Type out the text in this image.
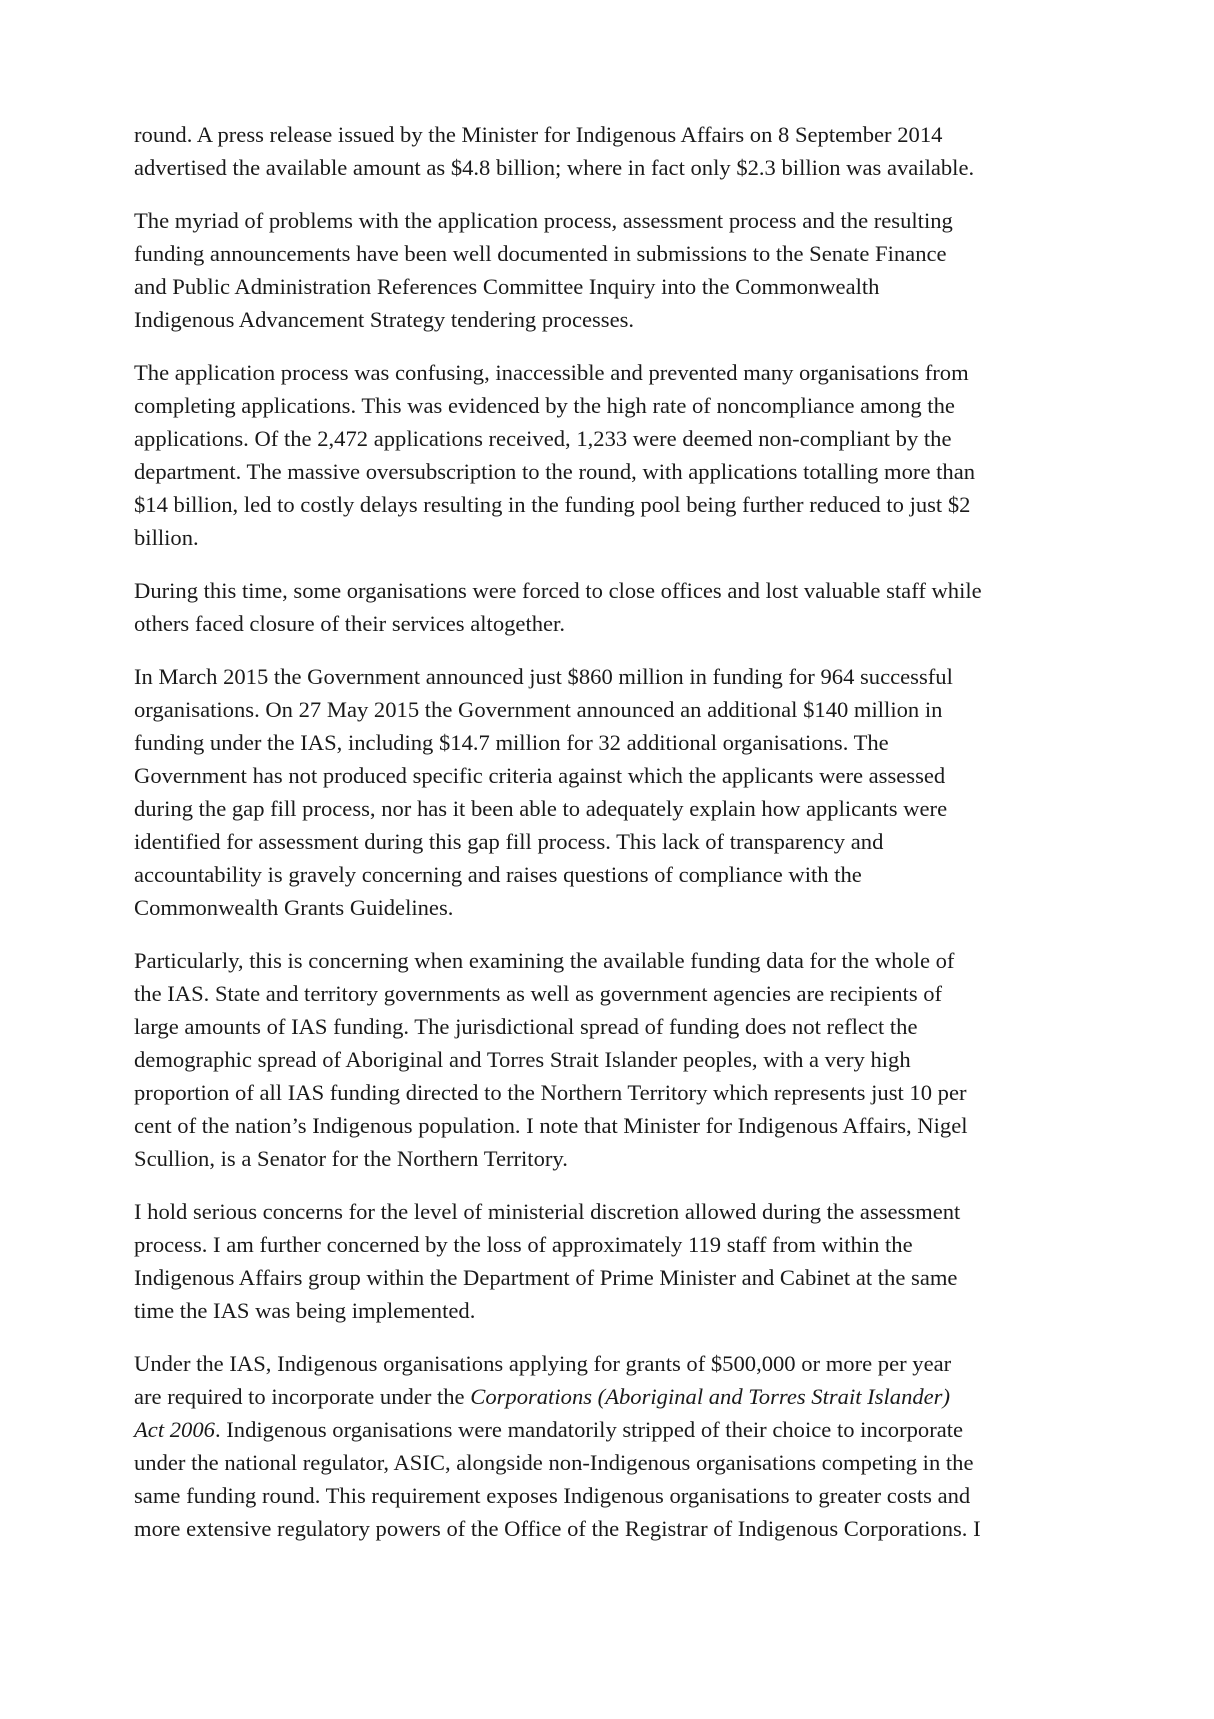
round. A press release issued by the Minister for Indigenous Affairs on 8 September 2014
advertised the available amount as $4.8 billion; where in fact only $2.3 billion was available.

The myriad of problems with the application process, assessment process and the resulting
funding announcements have been well documented in submissions to the Senate Finance
and Public Administration References Committee Inquiry into the Commonwealth
Indigenous Advancement Strategy tendering processes.

The application process was confusing, inaccessible and prevented many organisations from
completing applications. This was evidenced by the high rate of noncompliance among the
applications. Of the 2,472 applications received, 1,233 were deemed non-compliant by the
department. The massive oversubscription to the round, with applications totalling more than
$14 billion, led to costly delays resulting in the funding pool being further reduced to just $2
billion.

During this time, some organisations were forced to close offices and lost valuable staff while
others faced closure of their services altogether.

In March 2015 the Government announced just $860 million in funding for 964 successful
organisations. On 27 May 2015 the Government announced an additional $140 million in
funding under the IAS, including $14.7 million for 32 additional organisations. The
Government has not produced specific criteria against which the applicants were assessed
during the gap fill process, nor has it been able to adequately explain how applicants were
identified for assessment during this gap fill process. This lack of transparency and
accountability is gravely concerning and raises questions of compliance with the
Commonwealth Grants Guidelines.

Particularly, this is concerning when examining the available funding data for the whole of
the IAS. State and territory governments as well as government agencies are recipients of
large amounts of IAS funding. The jurisdictional spread of funding does not reflect the
demographic spread of Aboriginal and Torres Strait Islander peoples, with a very high
proportion of all IAS funding directed to the Northern Territory which represents just 10 per
cent of the nation’s Indigenous population. I note that Minister for Indigenous Affairs, Nigel
Scullion, is a Senator for the Northern Territory.

I hold serious concerns for the level of ministerial discretion allowed during the assessment
process. I am further concerned by the loss of approximately 119 staff from within the
Indigenous Affairs group within the Department of Prime Minister and Cabinet at the same
time the IAS was being implemented.

Under the IAS, Indigenous organisations applying for grants of $500,000 or more per year
are required to incorporate under the Corporations (Aboriginal and Torres Strait Islander)
Act 2006. Indigenous organisations were mandatorily stripped of their choice to incorporate
under the national regulator, ASIC, alongside non-Indigenous organisations competing in the
same funding round. This requirement exposes Indigenous organisations to greater costs and
more extensive regulatory powers of the Office of the Registrar of Indigenous Corporations. I
